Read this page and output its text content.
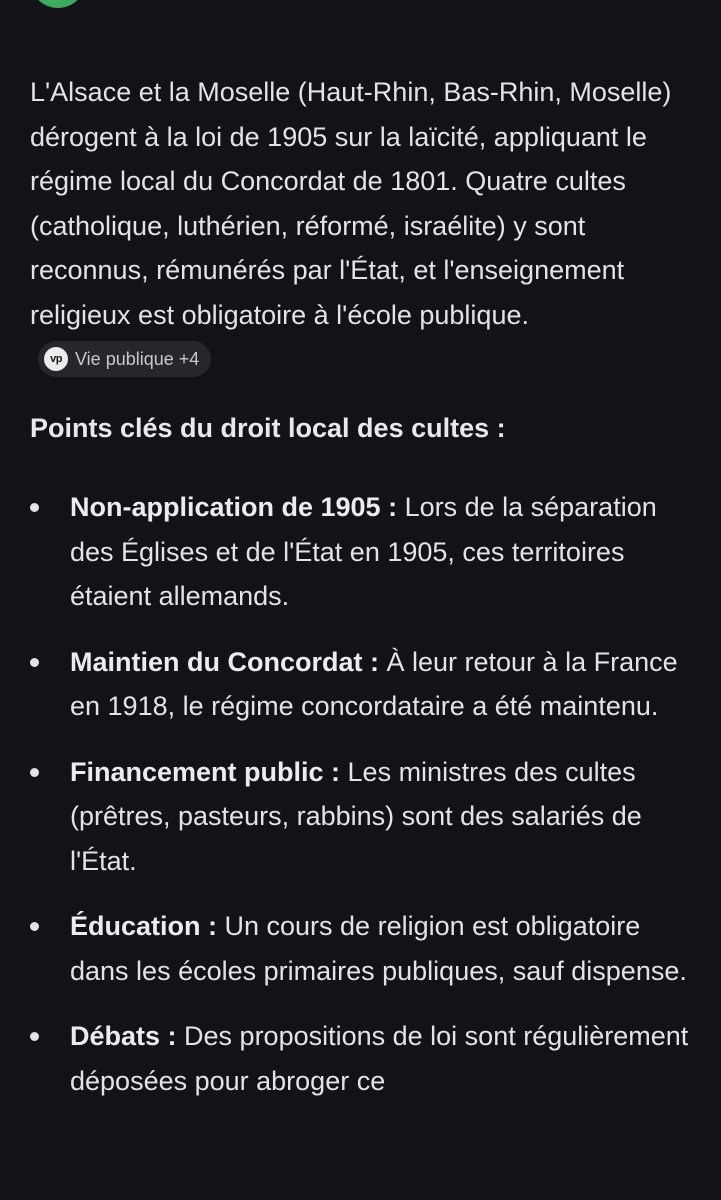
L'Alsace et la Moselle (Haut-Rhin, Bas-Rhin, Moselle) dérogent à la loi de 1905 sur la laïcité, appliquant le régime local du Concordat de 1801. Quatre cultes (catholique, luthérien, réformé, israélite) y sont reconnus, rémunérés par l'État, et l'enseignement religieux est obligatoire à l'école publique.
vp Vie publique +4

Points clés du droit local des cultes :
Non-application de 1905 : Lors de la séparation des Églises et de l'État en 1905, ces territoires étaient allemands.
Maintien du Concordat : À leur retour à la France en 1918, le régime concordataire a été maintenu.
Financement public : Les ministres des cultes (prêtres, pasteurs, rabbins) sont des salariés de l'État.
Éducation : Un cours de religion est obligatoire dans les écoles primaires publiques, sauf dispense.
Débats : Des propositions de loi sont régulièrement déposées pour abroger ce
